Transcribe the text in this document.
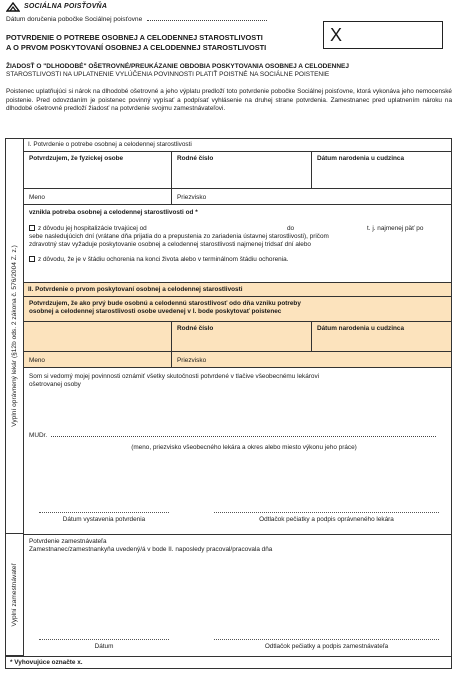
SOCIÁLNA POISŤOVŇA
Dátum doručenia pobočke Sociálnej poisťovne
X
POTVRDENIE O POTREBE OSOBNEJ A CELODENNEJ STAROSTLIVOSTI
A O PRVOM POSKYTOVANÍ OSOBNEJ A CELODENNEJ STAROSTLIVOSTI
ŽIADOSŤ O "DLHODOBÉ" OŠETROVNÉ/PREUKÁZANIE OBDOBIA POSKYTOVANIA OSOBNEJ A CELODENNEJ
STAROSTLIVOSTI NA UPLATNENIE VYLÚČENIA POVINNOSTI PLATIŤ POISTNÉ NA SOCIÁLNE POISTENIE
Poistenec uplatňujúci si nárok na dlhodobé ošetrovné a jeho výplatu predloží toto potvrdenie pobočke Sociálnej poisťovne, ktorá vykonáva jeho nemocenské poistenie. Pred odovzdaním je poistenec povinný vypísať a podpísať vyhlásenie na druhej strane potvrdenia. Zamestnanec pred uplatnením nároku na dlhodobé ošetrovné predloží žiadosť na potvrdenie svojmu zamestnávateľovi.
Vyplní oprávnený lekár (§12b ods. 2 zákona č. 576/2004 Z. z.)
Vyplní zamestnávateľ
I. Potvrdenie o potrebe osobnej a celodennej starostlivosti
Potvrdzujem, že fyzickej osobe	Rodné číslo	Dátum narodenia u cudzinca
Meno	Priezvisko
vznikla potreba osobnej a celodennej starostlivosti od *
z dôvodu jej hospitalizácie trvajúcej od	do	t. j. najmenej päť po
sebe nasledujúcich dní (vrátane dňa prijatia do a prepustenia zo zariadenia ústavnej starostlivosti), pričom
zdravotný stav vyžaduje poskytovanie osobnej a celodennej starostlivosti najmenej tridsať dní alebo
z dôvodu, že je v štádiu ochorenia na konci života alebo v terminálnom štádiu ochorenia.
II. Potvrdenie o prvom poskytovaní osobnej a celodennej starostlivosti
Potvrdzujem, že ako prvý bude osobnú a celodennú starostlivosť odo dňa vzniku potreby
osobnej a celodennej starostlivosti osobe uvedenej v I. bode poskytovať poistenec
Rodné číslo	Dátum narodenia u cudzinca
Meno	Priezvisko
Som si vedomý mojej povinnosti oznámiť všetky skutočnosti potvrdené v tlačive všeobecnému lekárovi
ošetrovanej osoby
MUDr.
(meno, priezvisko všeobecného lekára a okres alebo miesto výkonu jeho práce)
Dátum vystavenia potvrdenia	Odtlačok pečiatky a podpis oprávneného lekára
Potvrdenie zamestnávateľa
Zamestnanec/zamestnankyňa uvedený/á v bode II. naposledy pracoval/pracovala dňa
Dátum	Odtlačok pečiatky a podpis zamestnávateľa
* Vyhovujúce označte x.
